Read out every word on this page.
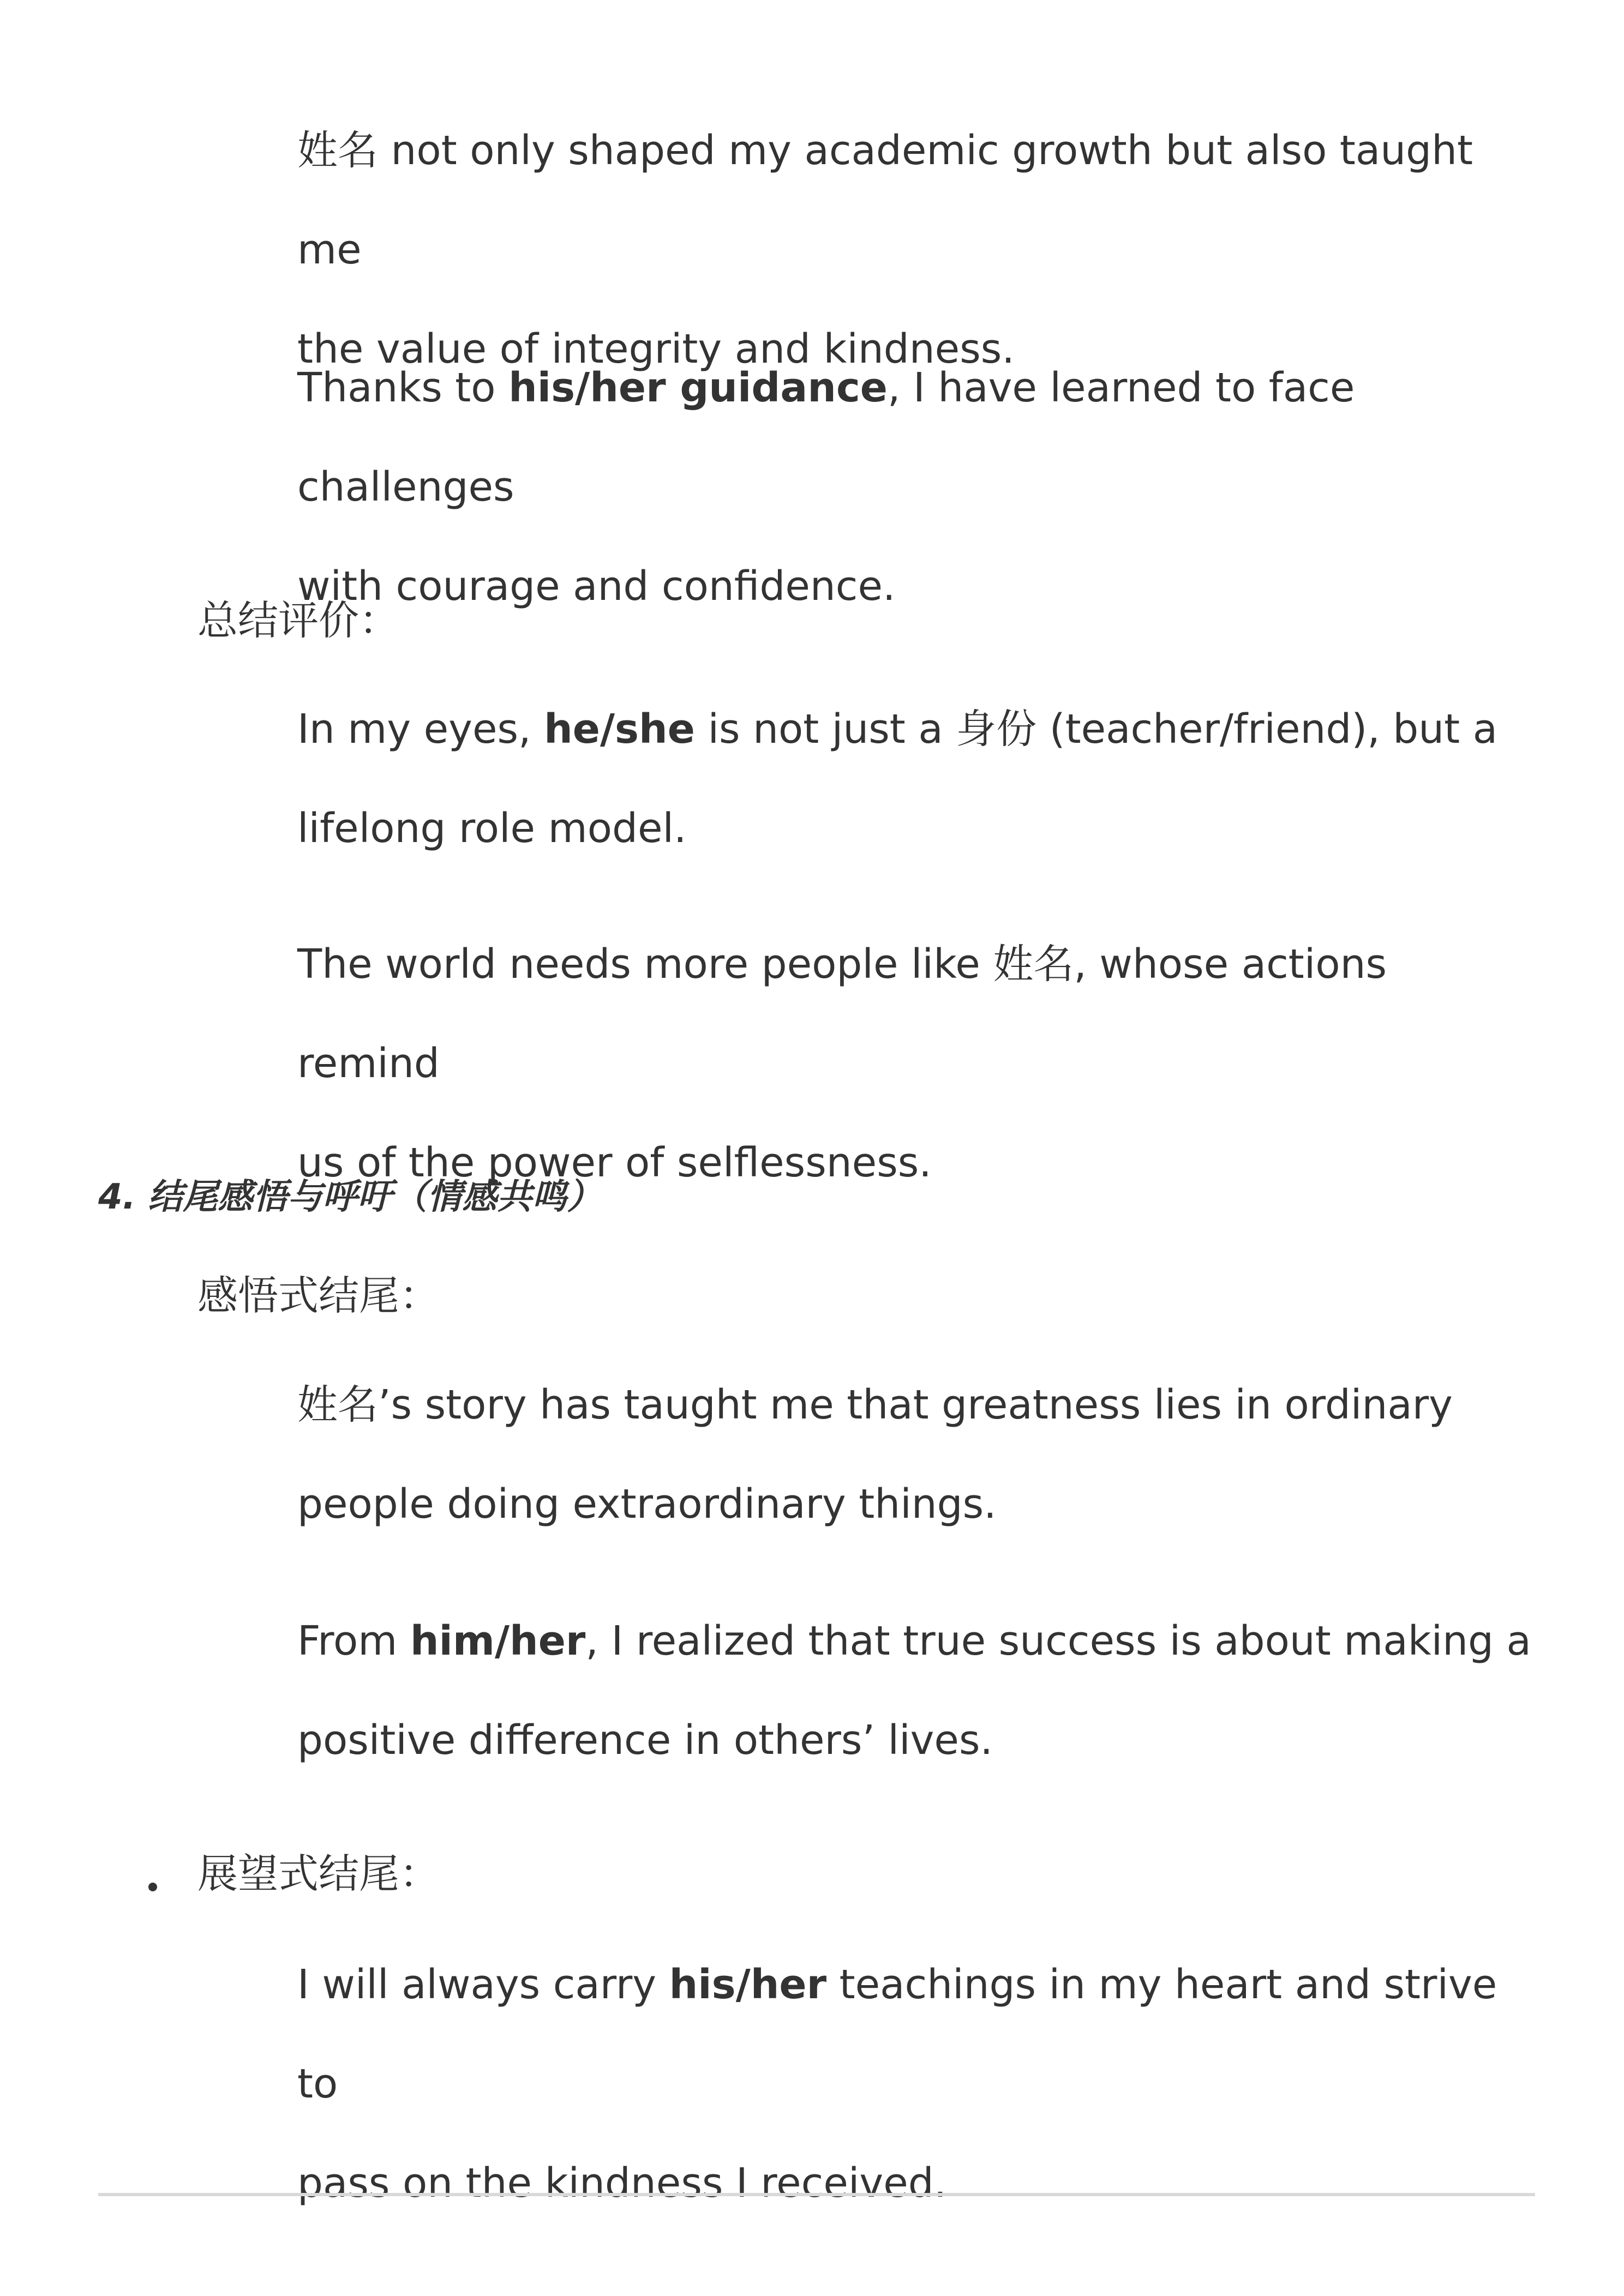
姓名 not only shaped my academic growth but also taught me
the value of integrity and kindness.

Thanks to his/her guidance, I have learned to face challenges
with courage and confidence.

总结评价：

In my eyes, he/she is not just a 身份 (teacher/friend), but a
lifelong role model.

The world needs more people like 姓名, whose actions remind
us of the power of selflessness.

4. 结尾感悟与呼吁（情感共鸣）
感悟式结尾：

姓名’s story has taught me that greatness lies in ordinary
people doing extraordinary things.

From him/her, I realized that true success is about making a
positive difference in others’ lives.

展望式结尾：

I will always carry his/her teachings in my heart and strive to
pass on the kindness I received.
